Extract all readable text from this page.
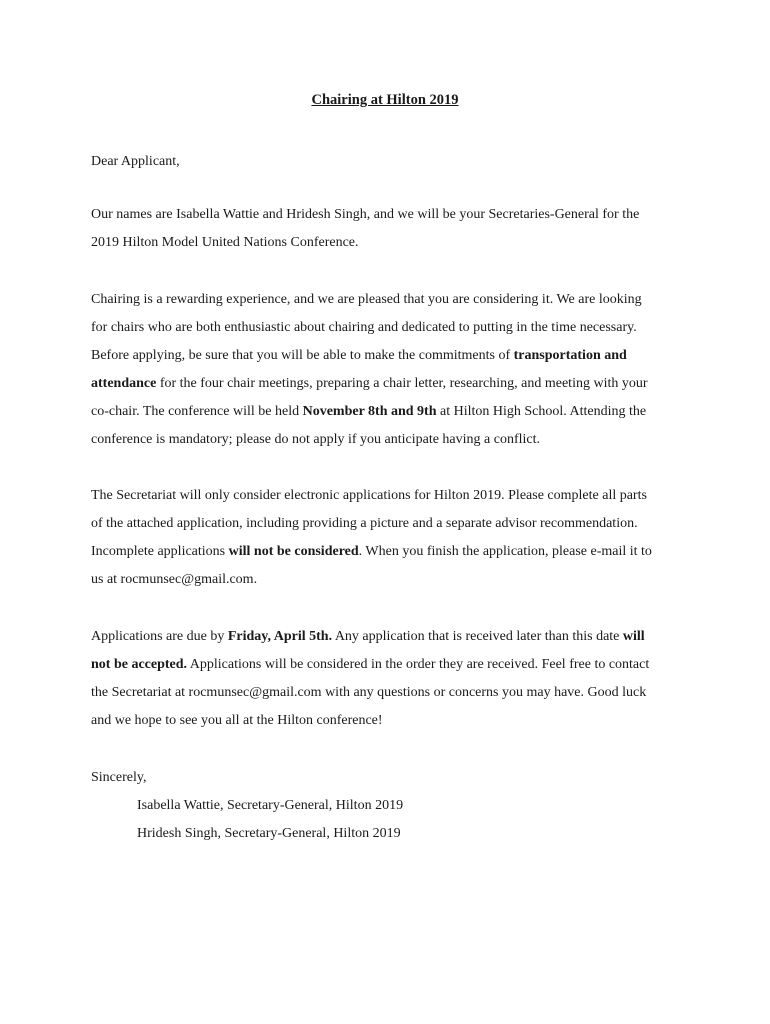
Chairing at Hilton 2019
Dear Applicant,
Our names are Isabella Wattie and Hridesh Singh, and we will be your Secretaries-General for the
2019 Hilton Model United Nations Conference.
Chairing is a rewarding experience, and we are pleased that you are considering it. We are looking
for chairs who are both enthusiastic about chairing and dedicated to putting in the time necessary.
Before applying, be sure that you will be able to make the commitments of transportation and
attendance for the four chair meetings, preparing a chair letter, researching, and meeting with your
co-chair. The conference will be held November 8th and 9th at Hilton High School. Attending the
conference is mandatory; please do not apply if you anticipate having a conflict.
The Secretariat will only consider electronic applications for Hilton 2019. Please complete all parts
of the attached application, including providing a picture and a separate advisor recommendation.
Incomplete applications will not be considered. When you finish the application, please e-mail it to
us at rocmunsec@gmail.com.
Applications are due by Friday, April 5th. Any application that is received later than this date will
not be accepted. Applications will be considered in the order they are received. Feel free to contact
the Secretariat at rocmunsec@gmail.com with any questions or concerns you may have. Good luck
and we hope to see you all at the Hilton conference!
Sincerely,
Isabella Wattie, Secretary-General, Hilton 2019
Hridesh Singh, Secretary-General, Hilton 2019
